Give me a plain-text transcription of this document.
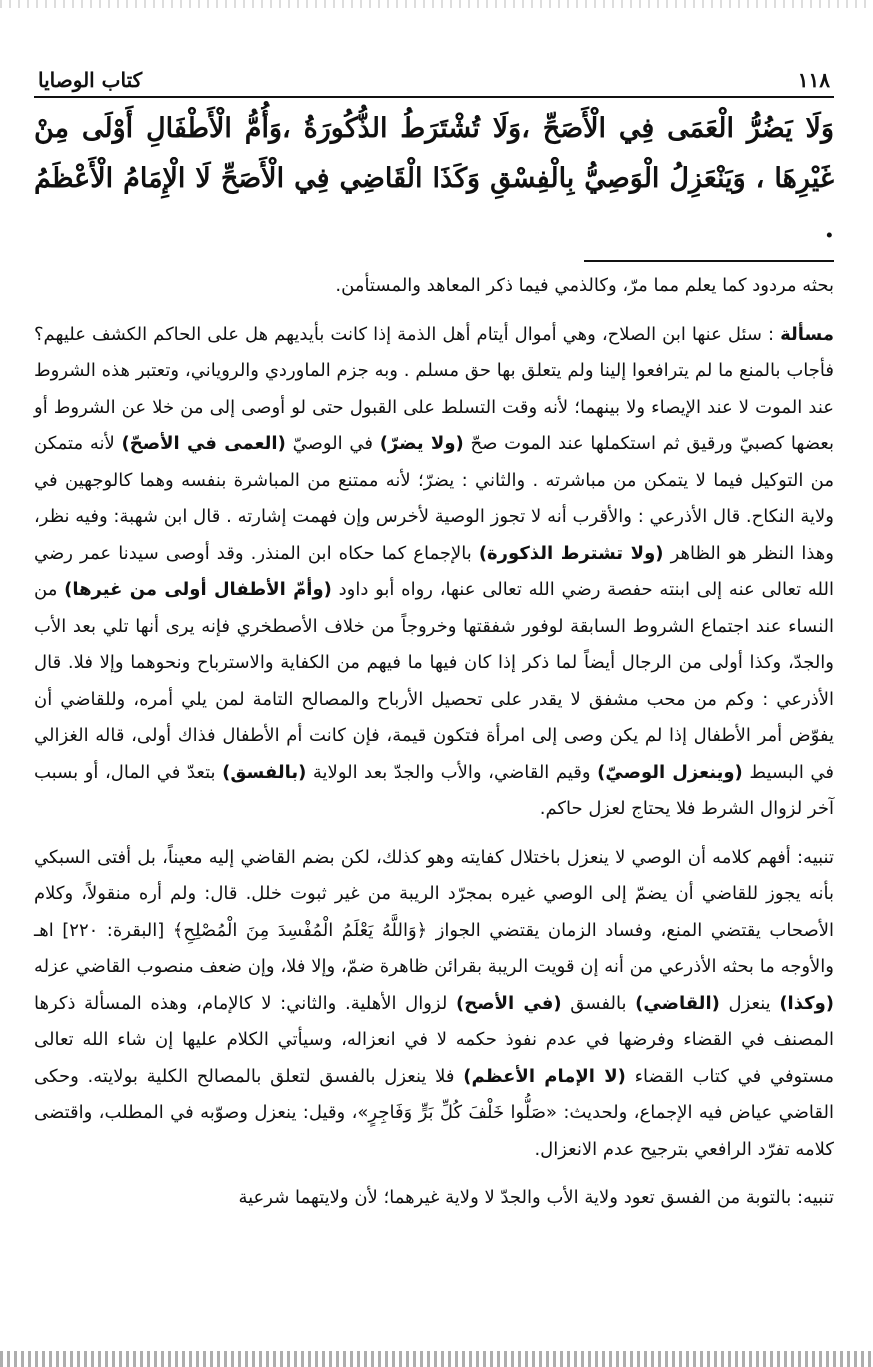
١١٨
كتاب الوصايا
وَلَا يَضُرُّ الْعَمَى فِي الْأَصَحِّ ،وَلَا تُشْتَرَطُ الذُّكُورَةُ ،وَأُمُّ الْأَطْفَالِ أَوْلَى مِنْ غَيْرِهَا ، وَيَنْعَزِلُ الْوَصِيُّ بِالْفِسْقِ وَكَذَا الْقَاضِي فِي الْأَصَحِّ لَا الْإِمَامُ الْأَعْظَمُ .

بحثه مردود كما يعلم مما مرّ، وكالذمي فيما ذكر المعاهد والمستأمن.

مسألة : سئل عنها ابن الصلاح، وهي أموال أيتام أهل الذمة إذا كانت بأيديهم هل على الحاكم الكشف عليهم؟ فأجاب بالمنع ما لم يترافعوا إلينا ولم يتعلق بها حق مسلم . وبه جزم الماوردي والروياني، وتعتبر هذه الشروط عند الموت لا عند الإيصاء ولا بينهما؛ لأنه وقت التسلط على القبول حتى لو أوصى إلى من خلا عن الشروط أو بعضها كصبيّ ورقيق ثم استكملها عند الموت صحّ (ولا يضرّ) في الوصيّ (العمى في الأصحّ) لأنه متمكن من التوكيل فيما لا يتمكن من مباشرته . والثاني : يضرّ؛ لأنه ممتنع من المباشرة بنفسه وهما كالوجهين في ولاية النكاح. قال الأذرعي : والأقرب أنه لا تجوز الوصية لأخرس وإن فهمت إشارته . قال ابن شهبة: وفيه نظر، وهذا النظر هو الظاهر (ولا تشترط الذكورة) بالإجماع كما حكاه ابن المنذر. وقد أوصى سيدنا عمر رضي الله تعالى عنه إلى ابنته حفصة رضي الله تعالى عنها، رواه أبو داود (وأمّ الأطفال أولى من غيرها) من النساء عند اجتماع الشروط السابقة لوفور شفقتها وخروجاً من خلاف الأصطخري فإنه يرى أنها تلي بعد الأب والجدّ، وكذا أولى من الرجال أيضاً لما ذكر إذا كان فيها ما فيهم من الكفاية والاسترباح ونحوهما وإلا فلا. قال الأذرعي : وكم من محب مشفق لا يقدر على تحصيل الأرباح والمصالح التامة لمن يلي أمره، وللقاضي أن يفوّض أمر الأطفال إذا لم يكن وصى إلى امرأة فتكون قيمة، فإن كانت أم الأطفال فذاك أولى، قاله الغزالي في البسيط (وينعزل الوصيّ) وقيم القاضي، والأب والجدّ بعد الولاية (بالفسق) بتعدّ في المال، أو بسبب آخر لزوال الشرط فلا يحتاج لعزل حاكم.

تنبيه: أفهم كلامه أن الوصي لا ينعزل باختلال كفايته وهو كذلك، لكن بضم القاضي إليه معيناً، بل أفتى السبكي بأنه يجوز للقاضي أن يضمّ إلى الوصي غيره بمجرّد الريبة من غير ثبوت خلل. قال: ولم أره منقولاً، وكلام الأصحاب يقتضي المنع، وفساد الزمان يقتضي الجواز ﴿وَاللَّهُ يَعْلَمُ الْمُفْسِدَ مِنَ الْمُصْلِحِ﴾ [البقرة: ٢٢٠] اهـ والأوجه ما بحثه الأذرعي من أنه إن قويت الريبة بقرائن ظاهرة ضمّ، وإلا فلا، وإن ضعف منصوب القاضي عزله (وكذا) ينعزل (القاضي) بالفسق (في الأصح) لزوال الأهلية. والثاني: لا كالإمام، وهذه المسألة ذكرها المصنف في القضاء وفرضها في عدم نفوذ حكمه لا في انعزاله، وسيأتي الكلام عليها إن شاء الله تعالى مستوفي في كتاب القضاء (لا الإمام الأعظم) فلا ينعزل بالفسق لتعلق بالمصالح الكلية بولايته. وحكى القاضي عياض فيه الإجماع، ولحديث: «صَلُّوا خَلْفَ كُلِّ بَرٍّ وَفَاجِرٍ»، وقيل: ينعزل وصوّبه في المطلب، واقتضى كلامه تفرّد الرافعي بترجيح عدم الانعزال.

تنبيه: بالتوبة من الفسق تعود ولاية الأب والجدّ لا ولاية غيرهما؛ لأن ولايتهما شرعية
